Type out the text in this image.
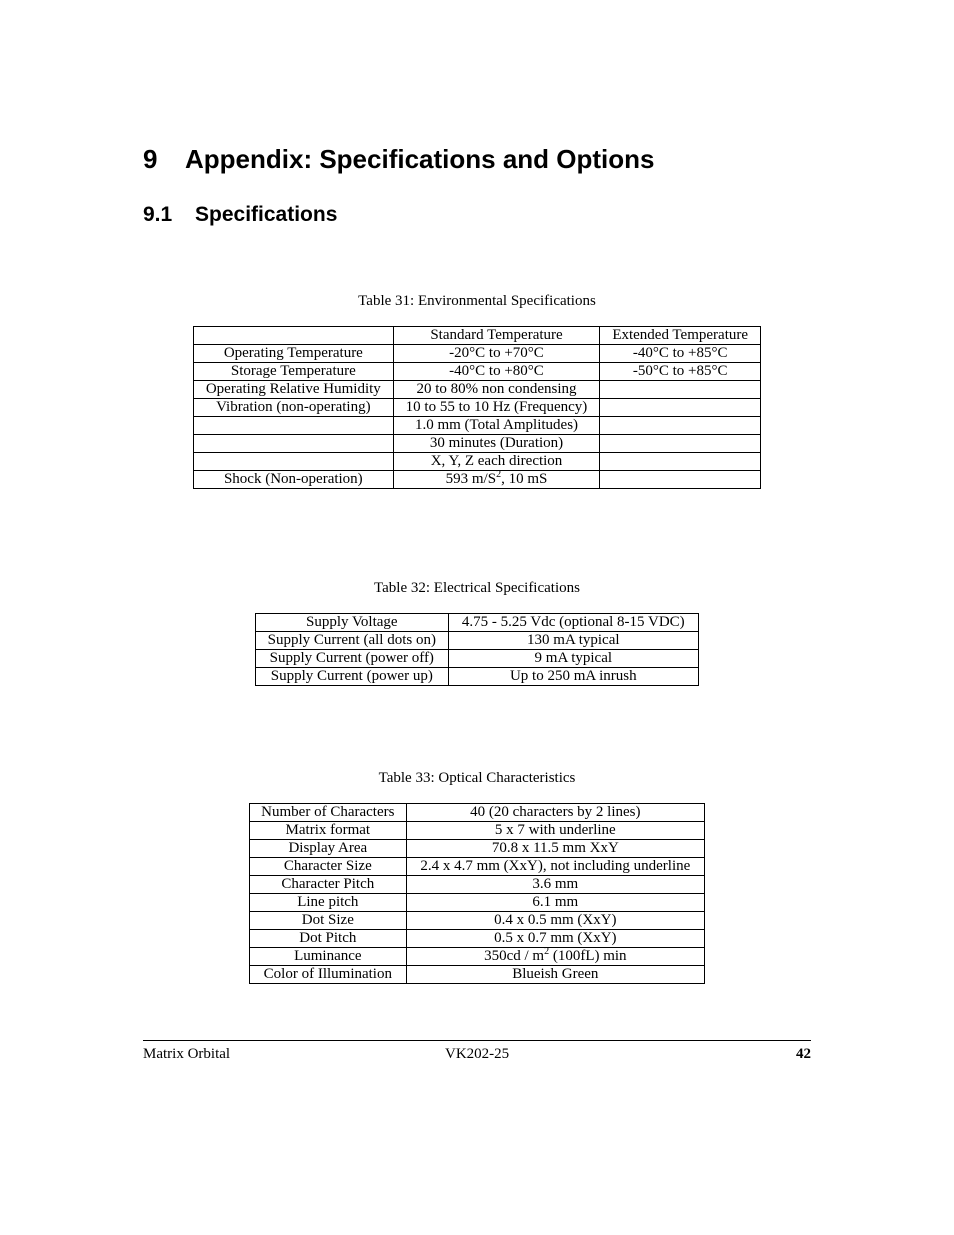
9 Appendix: Specifications and Options
9.1 Specifications
Table 31: Environmental Specifications
	Standard Temperature	Extended Temperature
Operating Temperature	-20°C to +70°C	-40°C to +85°C
Storage Temperature	-40°C to +80°C	-50°C to +85°C
Operating Relative Humidity	20 to 80% non condensing	
Vibration (non-operating)	10 to 55 to 10 Hz (Frequency)	
	1.0 mm (Total Amplitudes)	
	30 minutes (Duration)	
	X, Y, Z each direction	
Shock (Non-operation)	593 $m/S^2$, 10 mS	
Table 32: Electrical Specifications
Supply Voltage	4.75 - 5.25 Vdc (optional 8-15 VDC)
Supply Current (all dots on)	130 mA typical
Supply Current (power off)	9 mA typical
Supply Current (power up)	Up to 250 mA inrush
Table 33: Optical Characteristics
Number of Characters	40 (20 characters by 2 lines)
Matrix format	5 x 7 with underline
Display Area	70.8 x 11.5 mm XxY
Character Size	2.4 x 4.7 mm (XxY), not including underline
Character Pitch	3.6 mm
Line pitch	6.1 mm
Dot Size	0.4 x 0.5 mm (XxY)
Dot Pitch	0.5 x 0.7 mm (XxY)
Luminance	$350cd / m^2$ (100fL) min
Color of Illumination	Blueish Green
Matrix Orbital	VK202-25	42
